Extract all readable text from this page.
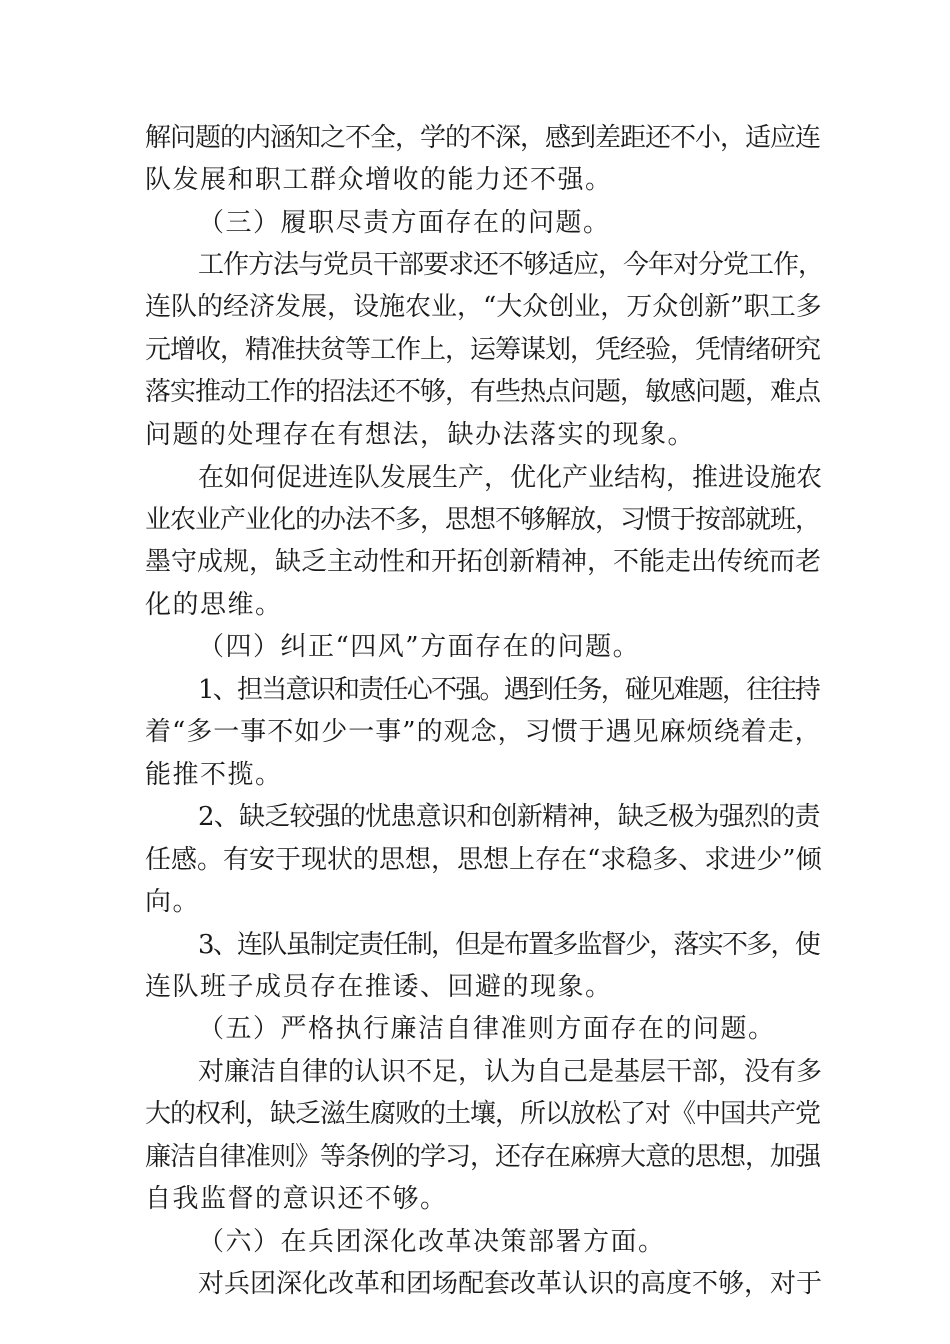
解问题的内涵知之不全，学的不深，感到差距还不小，适应连
队发展和职工群众增收的能力还不强。
（三）履职尽责方面存在的问题。
工作方法与党员干部要求还不够适应，今年对分党工作，
连队的经济发展，设施农业，“大众创业，万众创新”职工多
元增收，精准扶贫等工作上，运筹谋划，凭经验，凭情绪研究
落实推动工作的招法还不够，有些热点问题，敏感问题，难点
问题的处理存在有想法，缺办法落实的现象。
在如何促进连队发展生产，优化产业结构，推进设施农
业农业产业化的办法不多，思想不够解放，习惯于按部就班，
墨守成规，缺乏主动性和开拓创新精神，不能走出传统而老
化的思维。
（四）纠正“四风”方面存在的问题。
1、担当意识和责任心不强。遇到任务，碰见难题，往往持
着“多一事不如少一事”的观念，习惯于遇见麻烦绕着走，
能推不揽。
2、缺乏较强的忧患意识和创新精神，缺乏极为强烈的责
任感。有安于现状的思想，思想上存在“求稳多、求进少”倾
向。
3、连队虽制定责任制，但是布置多监督少，落实不多，使
连队班子成员存在推诿、回避的现象。
（五）严格执行廉洁自律准则方面存在的问题。
对廉洁自律的认识不足，认为自己是基层干部，没有多
大的权利，缺乏滋生腐败的土壤，所以放松了对《中国共产党
廉洁自律准则》等条例的学习，还存在麻痹大意的思想，加强
自我监督的意识还不够。
（六）在兵团深化改革决策部署方面。
对兵团深化改革和团场配套改革认识的高度不够，对于
